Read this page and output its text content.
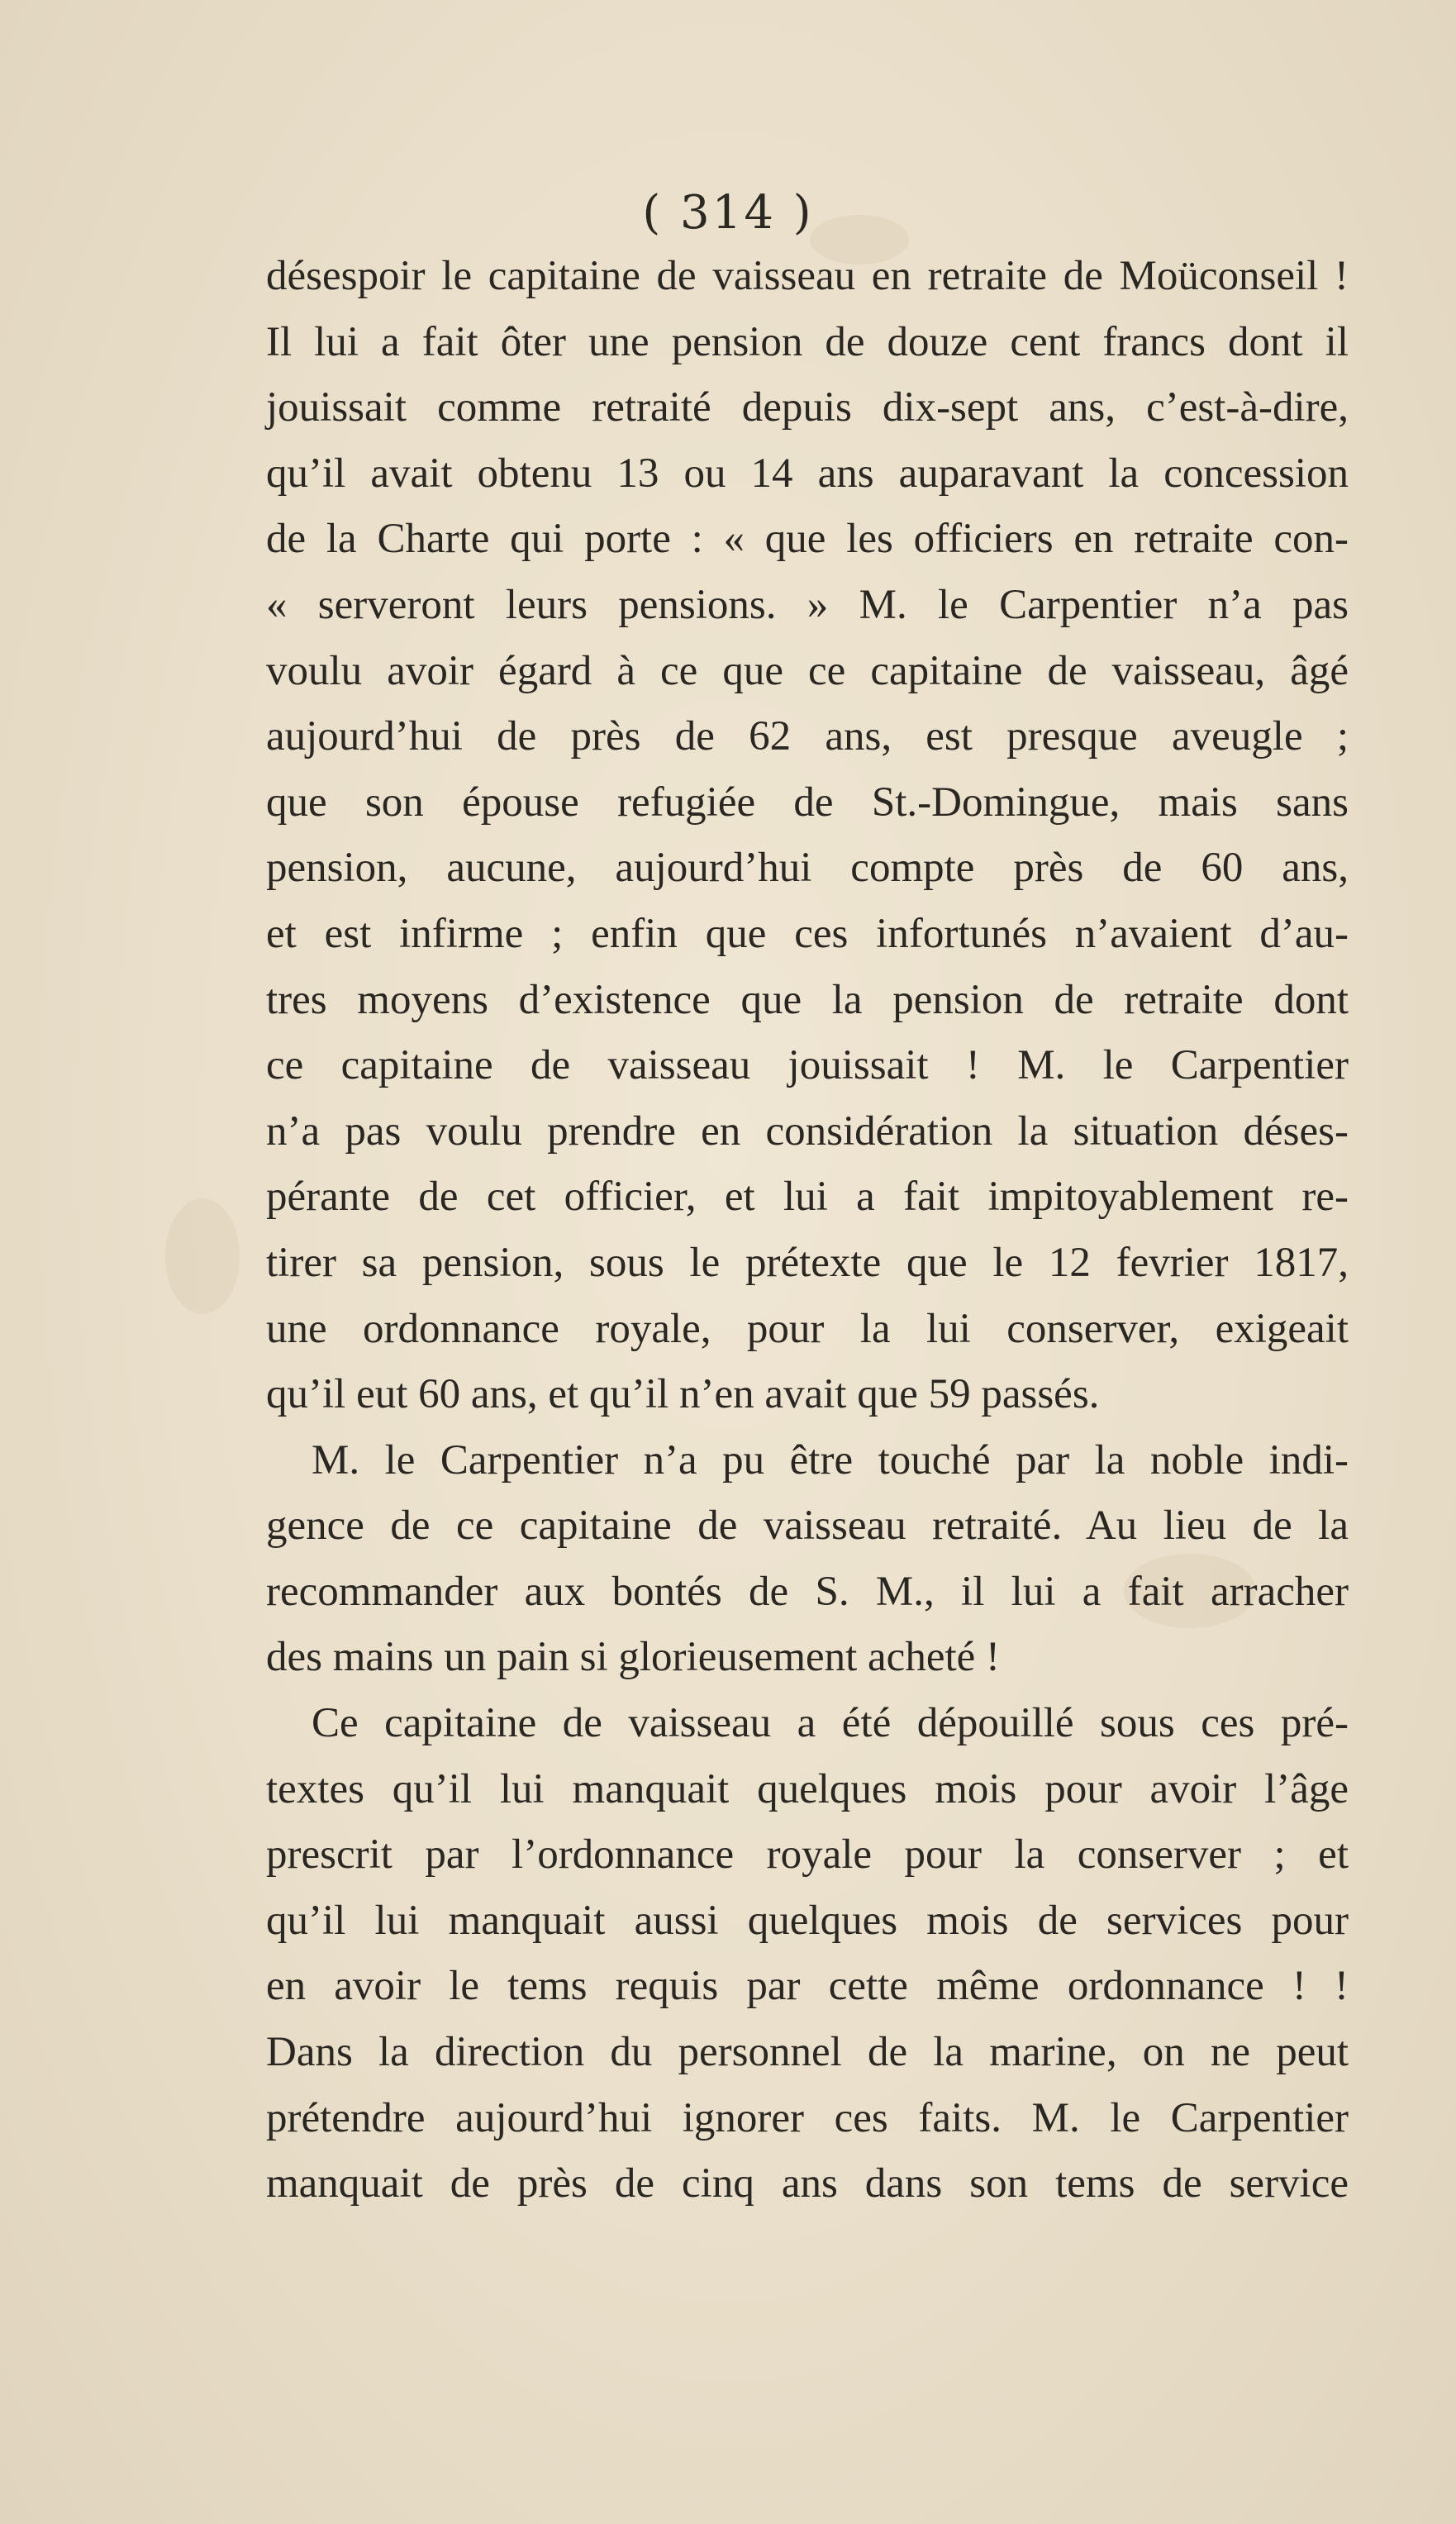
( 314 )
désespoir le capitaine de vaisseau en retraite de Moüconseil !
Il lui a fait ôter une pension de douze cent francs dont il
jouissait comme retraité depuis dix-sept ans, c’est-à-dire,
qu’il avait obtenu 13 ou 14 ans auparavant la concession
de la Charte qui porte : « que les officiers en retraite con-
« serveront leurs pensions. » M. le Carpentier n’a pas
voulu avoir égard à ce que ce capitaine de vaisseau, âgé
aujourd’hui de près de 62 ans, est presque aveugle ;
que son épouse refugiée de St.-Domingue, mais sans
pension, aucune, aujourd’hui compte près de 60 ans,
et est infirme ; enfin que ces infortunés n’avaient d’au-
tres moyens d’existence que la pension de retraite dont
ce capitaine de vaisseau jouissait ! M. le Carpentier
n’a pas voulu prendre en considération la situation déses-
pérante de cet officier, et lui a fait impitoyablement re-
tirer sa pension, sous le prétexte que le 12 fevrier 1817,
une ordonnance royale, pour la lui conserver, exigeait
qu’il eut 60 ans, et qu’il n’en avait que 59 passés.
M. le Carpentier n’a pu être touché par la noble indi-
gence de ce capitaine de vaisseau retraité. Au lieu de la
recommander aux bontés de S. M., il lui a fait arracher
des mains un pain si glorieusement acheté !
Ce capitaine de vaisseau a été dépouillé sous ces pré-
textes qu’il lui manquait quelques mois pour avoir l’âge
prescrit par l’ordonnance royale pour la conserver ; et
qu’il lui manquait aussi quelques mois de services pour
en avoir le tems requis par cette même ordonnance ! !
Dans la direction du personnel de la marine, on ne peut
prétendre aujourd’hui ignorer ces faits. M. le Carpentier
manquait de près de cinq ans dans son tems de service
